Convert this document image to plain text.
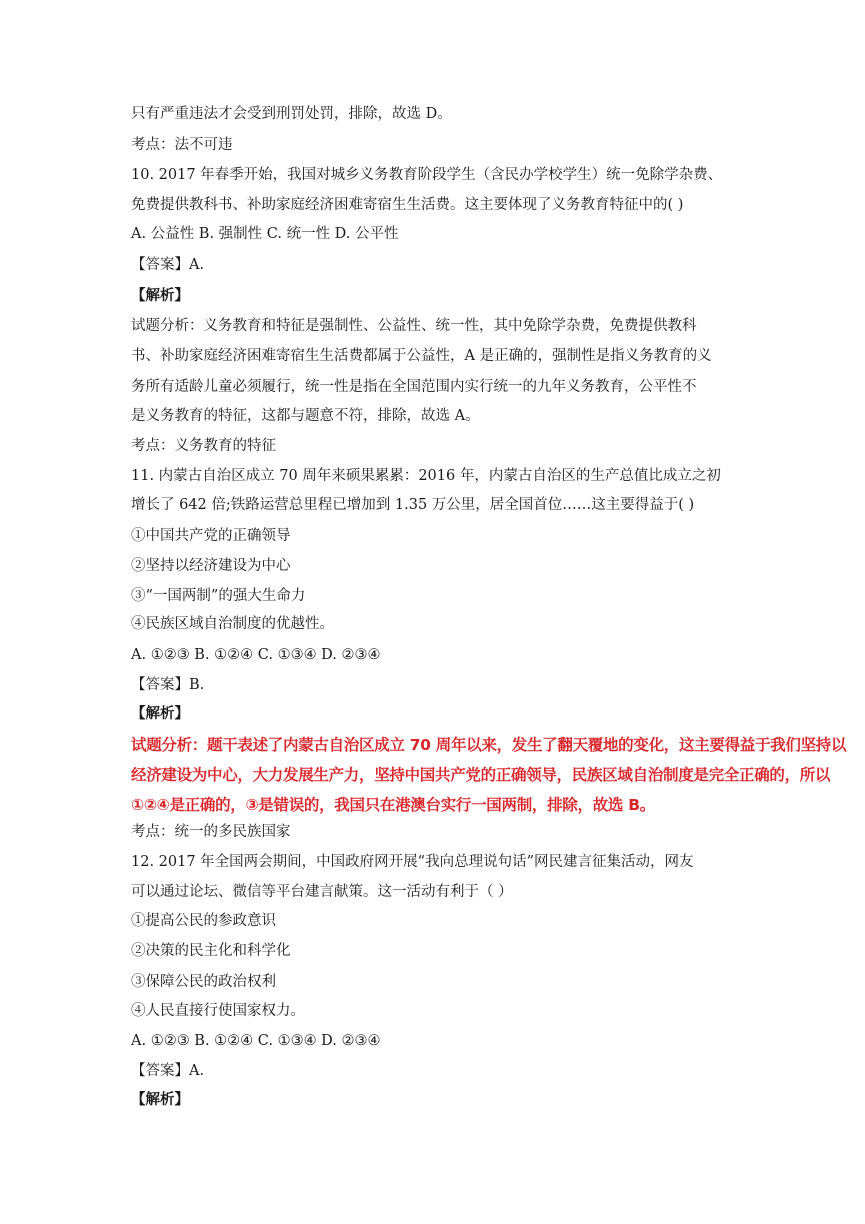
只有严重违法才会受到刑罚处罚，排除，故选 D。
考点：法不可违
10. 2017 年春季开始，我国对城乡义务教育阶段学生（含民办学校学生）统一免除学杂费、
免费提供教科书、补助家庭经济困难寄宿生生活费。这主要体现了义务教育特征中的( )
A. 公益性 B. 强制性 C. 统一性 D. 公平性
【答案】A.
【解析】
试题分析：义务教育和特征是强制性、公益性、统一性，其中免除学杂费，免费提供教科
书、补助家庭经济困难寄宿生生活费都属于公益性，A 是正确的，强制性是指义务教育的义
务所有适龄儿童必须履行，统一性是指在全国范围内实行统一的九年义务教育，公平性不
是义务教育的特征，这都与题意不符，排除，故选 A。
考点：义务教育的特征
11. 内蒙古自治区成立 70 周年来硕果累累：2016 年，内蒙古自治区的生产总值比成立之初
增长了 642 倍;铁路运营总里程已增加到 1.35 万公里，居全国首位……这主要得益于( )
①中国共产党的正确领导
②坚持以经济建设为中心
③“一国两制”的强大生命力
④民族区域自治制度的优越性。
A. ①②③ B. ①②④ C. ①③④ D. ②③④
【答案】B.
【解析】
试题分析：题干表述了内蒙古自治区成立 70 周年以来，发生了翻天覆地的变化，这主要得益于我们坚持以
经济建设为中心，大力发展生产力，坚持中国共产党的正确领导，民族区域自治制度是完全正确的，所以
①②④是正确的，③是错误的，我国只在港澳台实行一国两制，排除，故选 B。
考点：统一的多民族国家
12. 2017 年全国两会期间，中国政府网开展“我向总理说句话”网民建言征集活动，网友
可以通过论坛、微信等平台建言献策。这一活动有利于（ ）
①提高公民的参政意识
②决策的民主化和科学化
③保障公民的政治权利
④人民直接行使国家权力。
A. ①②③ B. ①②④ C. ①③④ D. ②③④
【答案】A.
【解析】
